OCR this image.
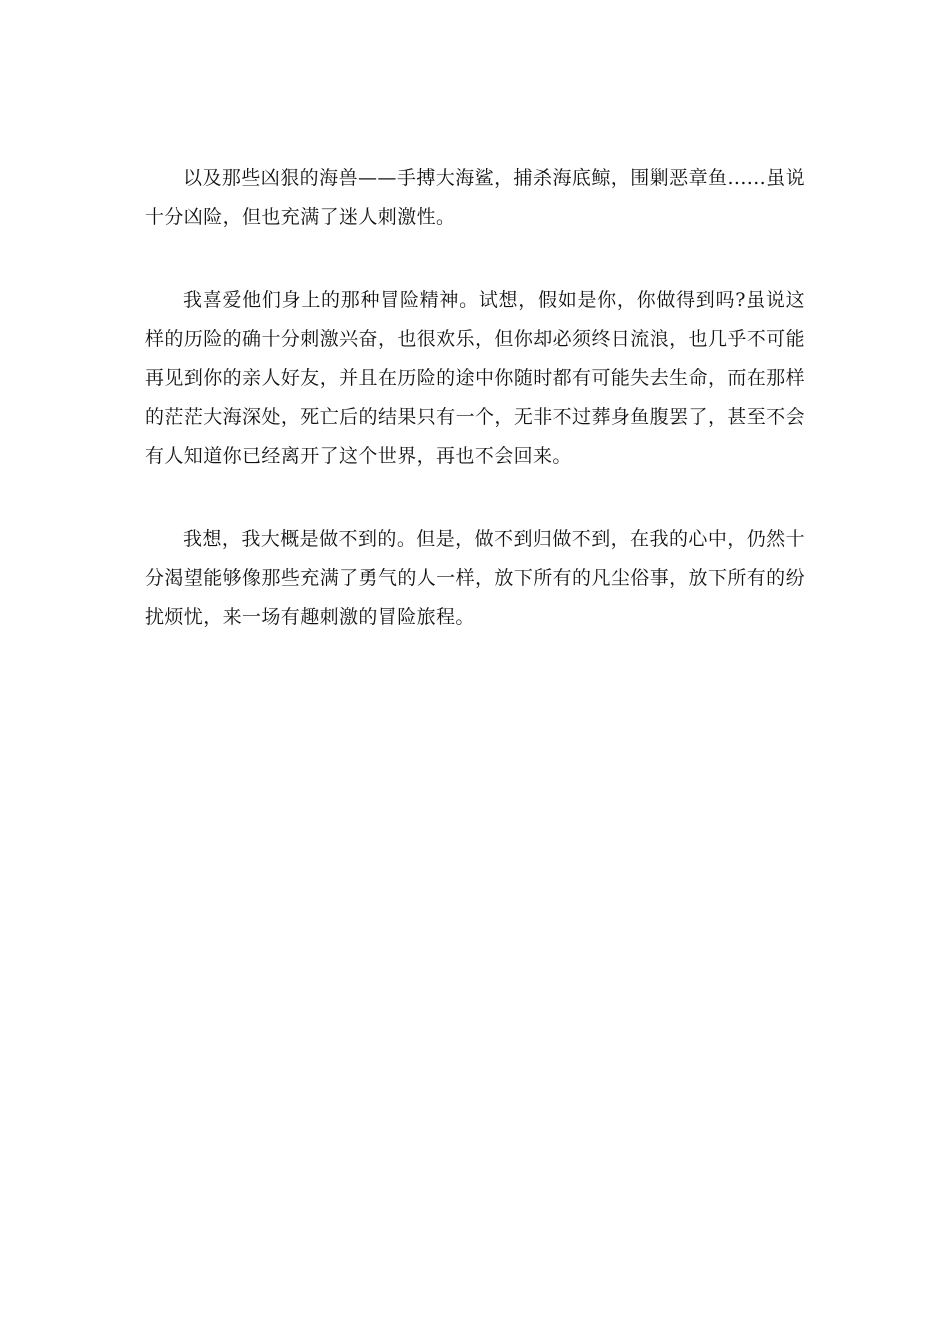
以及那些凶狠的海兽——手搏大海鲨，捕杀海底鲸，围剿恶章鱼......虽说十分凶险，但也充满了迷人刺激性。

我喜爱他们身上的那种冒险精神。试想，假如是你，你做得到吗?虽说这样的历险的确十分刺激兴奋，也很欢乐，但你却必须终日流浪，也几乎不可能再见到你的亲人好友，并且在历险的途中你随时都有可能失去生命，而在那样的茫茫大海深处，死亡后的结果只有一个，无非不过葬身鱼腹罢了，甚至不会有人知道你已经离开了这个世界，再也不会回来。

我想，我大概是做不到的。但是，做不到归做不到，在我的心中，仍然十分渴望能够像那些充满了勇气的人一样，放下所有的凡尘俗事，放下所有的纷扰烦忧，来一场有趣刺激的冒险旅程。
